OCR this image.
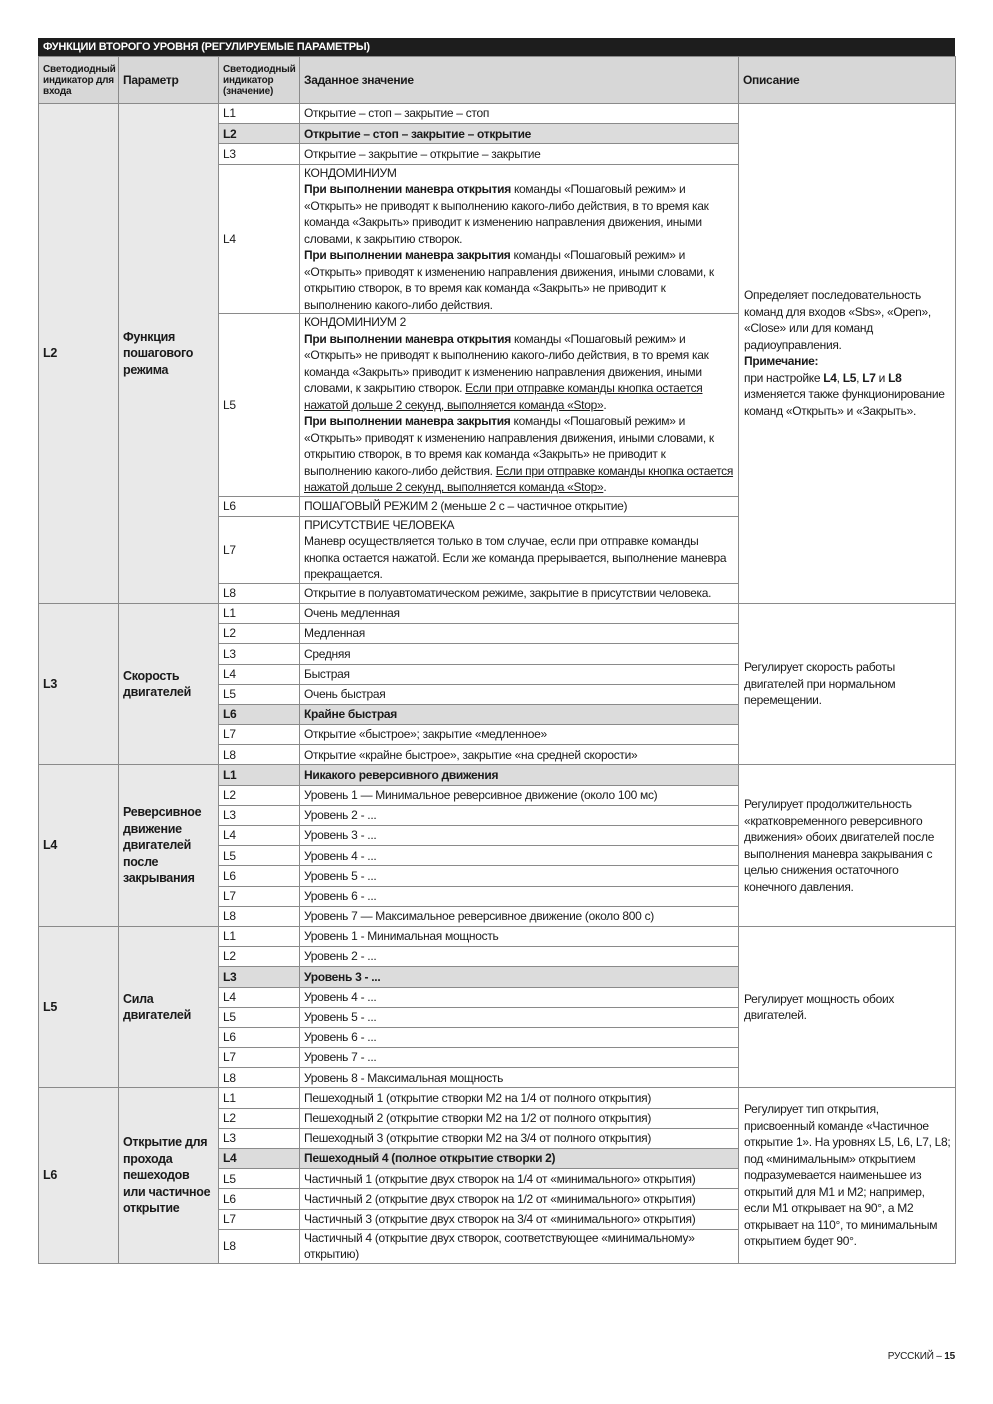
ФУНКЦИИ ВТОРОГО УРОВНЯ (РЕГУЛИРУЕМЫЕ ПАРАМЕТРЫ)
Светодиодный индикатор для входа	Параметр	Светодиодный индикатор (значение)	Заданное значение	Описание
L2	Функция пошагового режима	L1	Открытие – стоп – закрытие – стоп	Определяет последовательность команд для входов «Sbs», «Open», «Close» или для команд радиоуправления.
Примечание:
при настройке L4, L5, L7 и L8 изменяется также функционирование команд «Открыть» и «Закрыть».
		L2	Открытие – стоп – закрытие – открытие	
		L3	Открытие – закрытие – открытие – закрытие	
		L4	КОНДОМИНИУМ
При выполнении маневра открытия команды «Пошаговый режим» и «Открыть» не приводят к выполнению какого-либо действия, в то время как команда «Закрыть» приводит к изменению направления движения, иными словами, к закрытию створок.
При выполнении маневра закрытия команды «Пошаговый режим» и «Открыть» приводят к изменению направления движения, иными словами, к открытию створок, в то время как команда «Закрыть» не приводит к выполнению какого-либо действия.	
		L5	КОНДОМИНИУМ 2
При выполнении маневра открытия команды «Пошаговый режим» и «Открыть» не приводят к выполнению какого-либо действия, в то время как команда «Закрыть» приводит к изменению направления движения, иными словами, к закрытию створок. Если при отправке команды кнопка остается нажатой дольше 2 секунд, выполняется команда «Stop».
При выполнении маневра закрытия команды «Пошаговый режим» и «Открыть» приводят к изменению направления движения, иными словами, к открытию створок, в то время как команда «Закрыть» не приводит к выполнению какого-либо действия. Если при отправке команды кнопка остается нажатой дольше 2 секунд, выполняется команда «Stop».	
		L6	ПОШАГОВЫЙ РЕЖИМ 2 (меньше 2 с – частичное открытие)	
		L7	ПРИСУТСТВИЕ ЧЕЛОВЕКА
Маневр осуществляется только в том случае, если при отправке команды кнопка остается нажатой. Если же команда прерывается, выполнение маневра прекращается.	
		L8	Открытие в полуавтоматическом режиме, закрытие в присутствии человека.	
L3	Скорость двигателей	L1	Очень медленная	Регулирует скорость работы двигателей при нормальном перемещении.
		L2	Медленная	
		L3	Средняя	
		L4	Быстрая	
		L5	Очень быстрая	
		L6	Крайне быстрая	
		L7	Открытие «быстрое»; закрытие «медленное»	
		L8	Открытие «крайне быстрое», закрытие «на средней скорости»	
L4	Реверсивное движение двигателей после закрывания	L1	Никакого реверсивного движения	Регулирует продолжительность «кратковременного реверсивного движения» обоих двигателей после выполнения маневра закрывания с целью снижения остаточного конечного давления.
		L2	Уровень 1 — Минимальное реверсивное движение (около 100 мс)	
		L3	Уровень 2 - ...	
		L4	Уровень 3 - ...	
		L5	Уровень 4 - ...	
		L6	Уровень 5 - ...	
		L7	Уровень 6 - ...	
		L8	Уровень 7 — Максимальное реверсивное движение (около 800 с)	
L5	Сила двигателей	L1	Уровень 1 - Минимальная мощность	Регулирует мощность обоих двигателей.
		L2	Уровень 2 - ...	
		L3	Уровень 3 - ...	
		L4	Уровень 4 - ...	
		L5	Уровень 5 - ...	
		L6	Уровень 6 - ...	
		L7	Уровень 7 - ...	
		L8	Уровень 8 - Максимальная мощность	
L6	Открытие для прохода пешеходов или частичное открытие	L1	Пешеходный 1 (открытие створки М2 на 1/4 от полного открытия)	Регулирует тип открытия, присвоенный команде «Частичное открытие 1». На уровнях L5, L6, L7, L8; под «минимальным» открытием подразумевается наименьшее из открытий для М1 и М2; например, если М1 открывает на 90°, а М2 открывает на 110°, то минимальным открытием будет 90°.
		L2	Пешеходный 2 (открытие створки М2 на 1/2 от полного открытия)	
		L3	Пешеходный 3 (открытие створки М2 на 3/4 от полного открытия)	
		L4	Пешеходный 4 (полное открытие створки 2)	
		L5	Частичный 1 (открытие двух створок на 1/4 от «минимального» открытия)	
		L6	Частичный 2 (открытие двух створок на 1/2 от «минимального» открытия)	
		L7	Частичный 3 (открытие двух створок на 3/4 от «минимального» открытия)	
		L8	Частичный 4 (открытие двух створок, соответствующее «минимальному» открытию)	
РУССКИЙ – 15
